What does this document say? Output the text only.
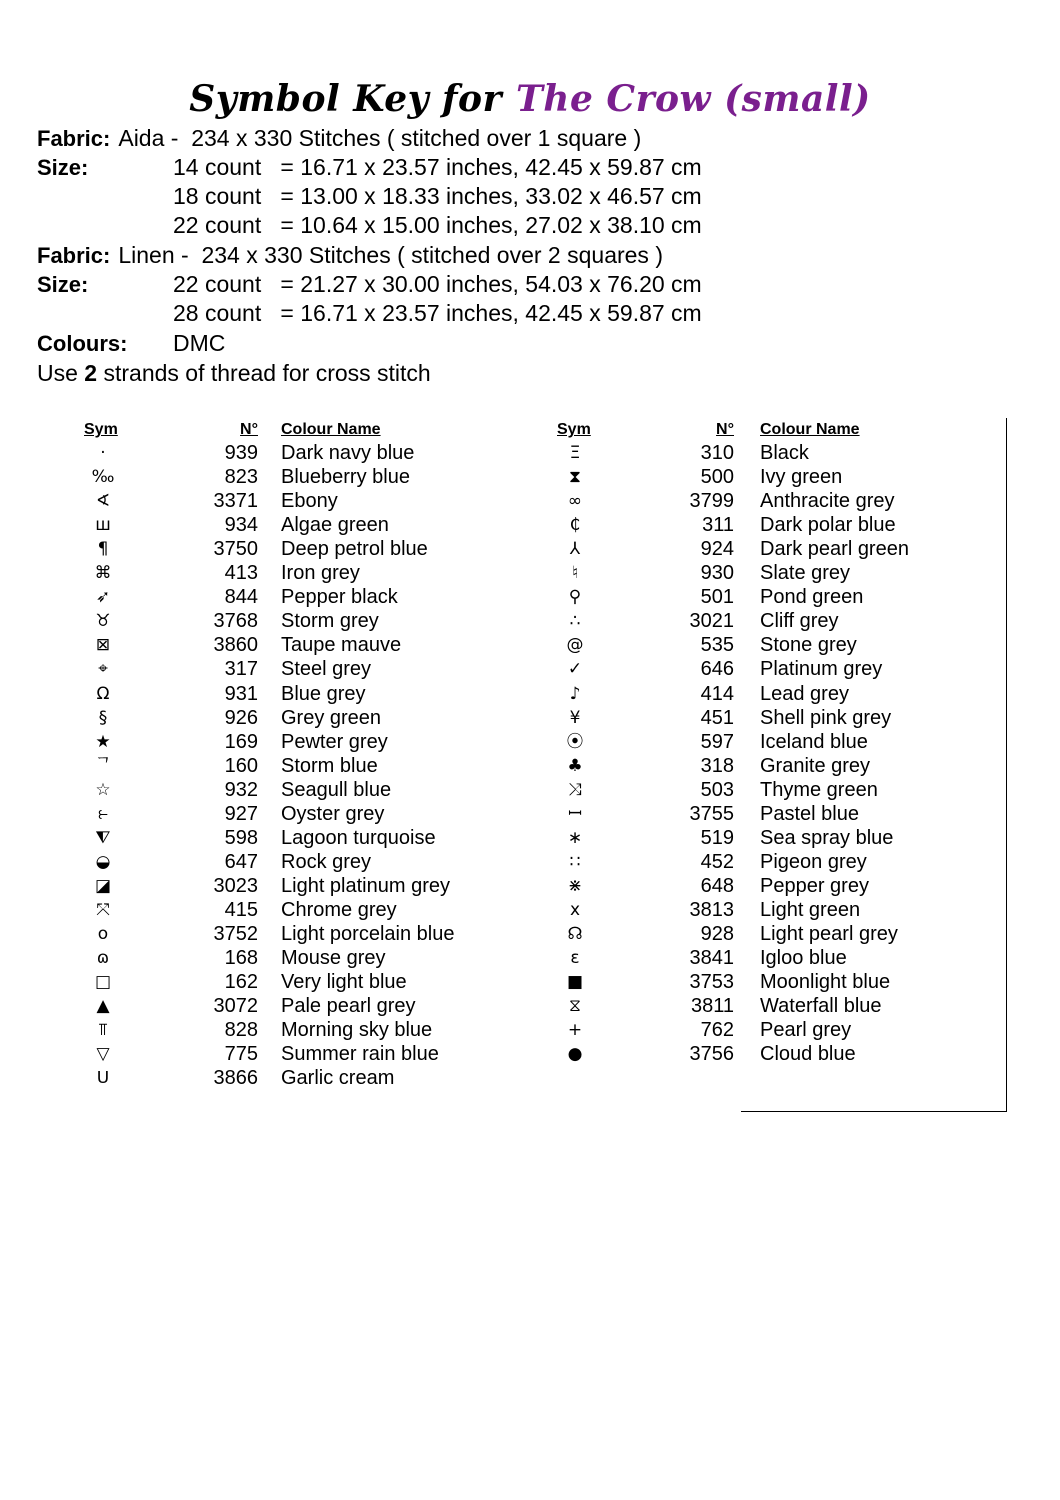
Symbol Key for The Crow (small)
Fabric: Aida -  234 x 330 Stitches ( stitched over 1 square )
Size:	14 count   = 16.71 x 23.57 inches, 42.45 x 59.87 cm
18 count   = 13.00 x 18.33 inches, 33.02 x 46.57 cm
22 count   = 10.64 x 15.00 inches, 27.02 x 38.10 cm
Fabric: Linen -  234 x 330 Stitches ( stitched over 2 squares )
Size:	22 count   = 21.27 x 30.00 inches, 54.03 x 76.20 cm
28 count   = 16.71 x 23.57 inches, 42.45 x 59.87 cm
Colours: DMC
Use 2 strands of thread for cross stitch
Sym	N° Colour Name	Sym	N° Colour Name
·	939 Dark navy blue
‰	823 Blueberry blue
∢	3371 Ebony
ш	934 Algae green
¶	3750 Deep petrol blue
⌘	413 Iron grey
➶	844 Pepper black
♉	3768 Storm grey
⊠	3860 Taupe mauve
⌖	317 Steel grey
Ω	931 Blue grey
§	926 Grey green
★	169 Pewter grey
ᄀ	160 Storm blue
☆	932 Seagull blue
⥼	927 Oyster grey
⧨	598 Lagoon turquoise
◒	647 Rock grey
◪	3023 Light platinum grey
⤧	415 Chrome grey
o	3752 Light porcelain blue
ɷ	168 Mouse grey
□	162 Very light blue
▲	3072 Pale pearl grey
⫪	828 Morning sky blue
▽	775 Summer rain blue
ᑌ	3866 Garlic cream
Ξ	310 Black
⧗	500 Ivy green
∞	3799 Anthracite grey
₵	311 Dark polar blue
⅄	924 Dark pearl green
♮	930 Slate grey
⚲	501 Pond green
∴	3021 Cliff grey
@	535 Stone grey
✓	646 Platinum grey
♪	414 Lead grey
¥	451 Shell pink grey
⦿	597 Iceland blue
♣	318 Granite grey
⤨	503 Thyme green
ꟷ	3755 Pastel blue
∗	519 Sea spray blue
∷	452 Pigeon grey
⋇	648 Pepper grey
x	3813 Light green
☊	928 Light pearl grey
ε	3841 Igloo blue
■	3753 Moonlight blue
⧖	3811 Waterfall blue
+	762 Pearl grey
●	3756 Cloud blue
